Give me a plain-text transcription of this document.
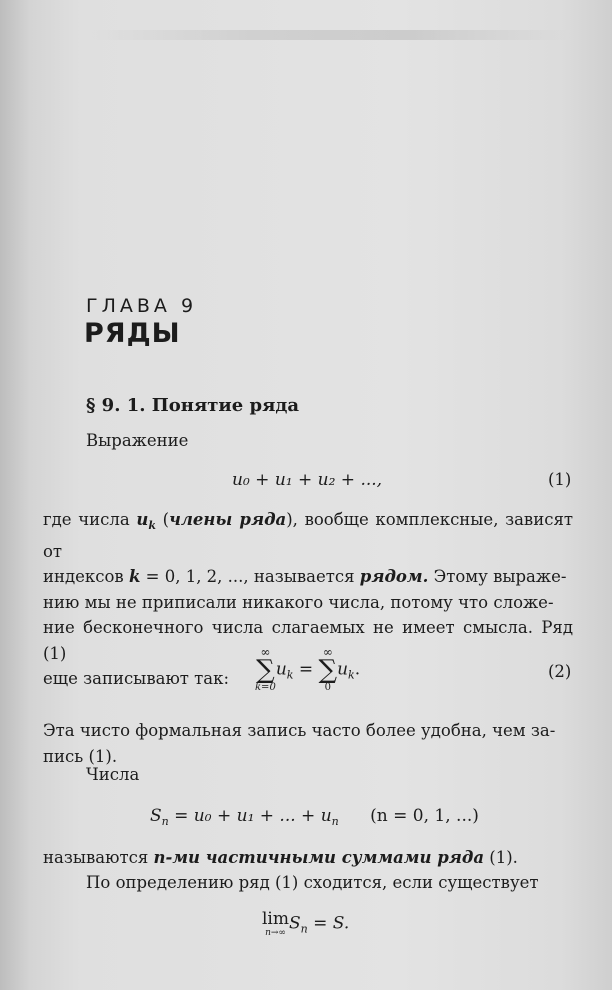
ГЛАВА 9
РЯДЫ
§ 9. 1. Понятие ряда
Выражение
u₀ + u₁ + u₂ + ...,	(1)
где числа $u_k$ (члены ряда), вообще комплексные, зависят от
индексов k = 0, 1, 2, ..., называется рядом. Этому выраже-
нию мы не приписали никакого числа, потому что сложе-
ние бесконечного числа слагаемых не имеет смысла. Ряд (1)
еще записывают так:
∞
∑
k=0
$u_k$ =
∞
∑
0
$u_k$.	(2)
Эта чисто формальная запись часто более удобна, чем за-
пись (1).
Числа
$S_n = u_0 + u_1$ + ... + $u_n$ (n = 0, 1, ...)
называются n-ми частичными суммами ряда (1).
По определению ряд (1) сходится, если существует
lim
n→∞ $S_n = S$.
